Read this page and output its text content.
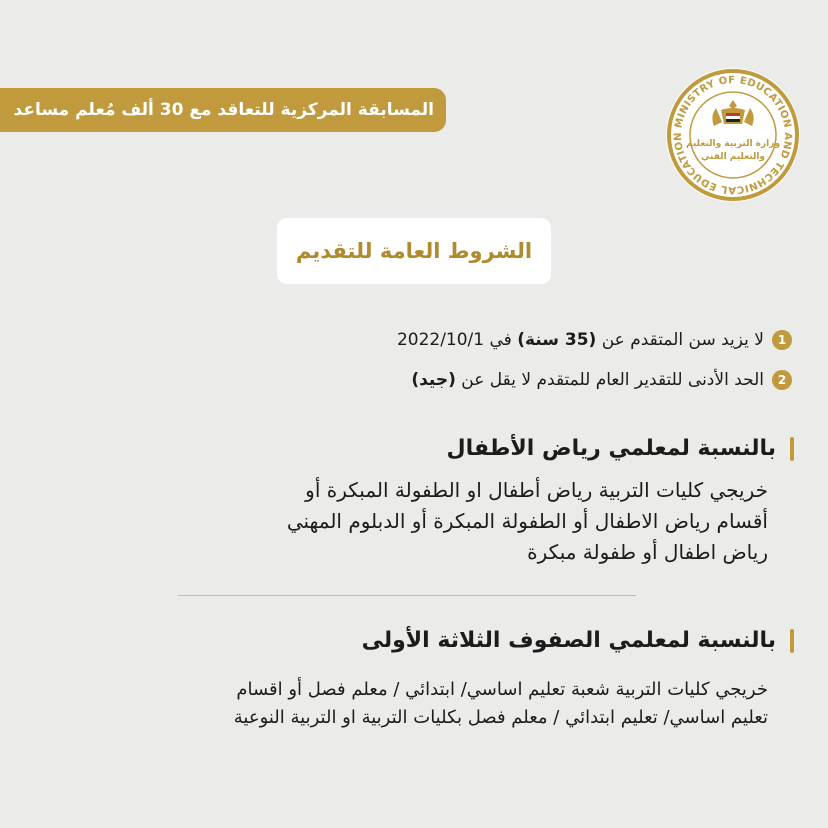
المسابقة المركزية للتعاقد مع 30 ألف مُعلم مساعد
MINISTRY OF EDUCATION AND TECHNICAL EDUCATION
وزارة التربية والتعليم
والتعليم الفني
الشروط العامة للتقديم
1
لا يزيد سن المتقدم عن (35 سنة) في 2022/10/1
2
الحد الأدنى للتقدير العام للمتقدم لا يقل عن (جيد)
بالنسبة لمعلمي رياض الأطفال
خريجي كليات التربية رياض أطفال او الطفولة المبكرة أو
أقسام رياض الاطفال أو الطفولة المبكرة أو الدبلوم المهني
رياض اطفال أو طفولة مبكرة
بالنسبة لمعلمي الصفوف الثلاثة الأولى
خريجي كليات التربية شعبة تعليم اساسي/ ابتدائي / معلم فصل أو اقسام
تعليم اساسي/ تعليم ابتدائي / معلم فصل بكليات التربية او التربية النوعية
